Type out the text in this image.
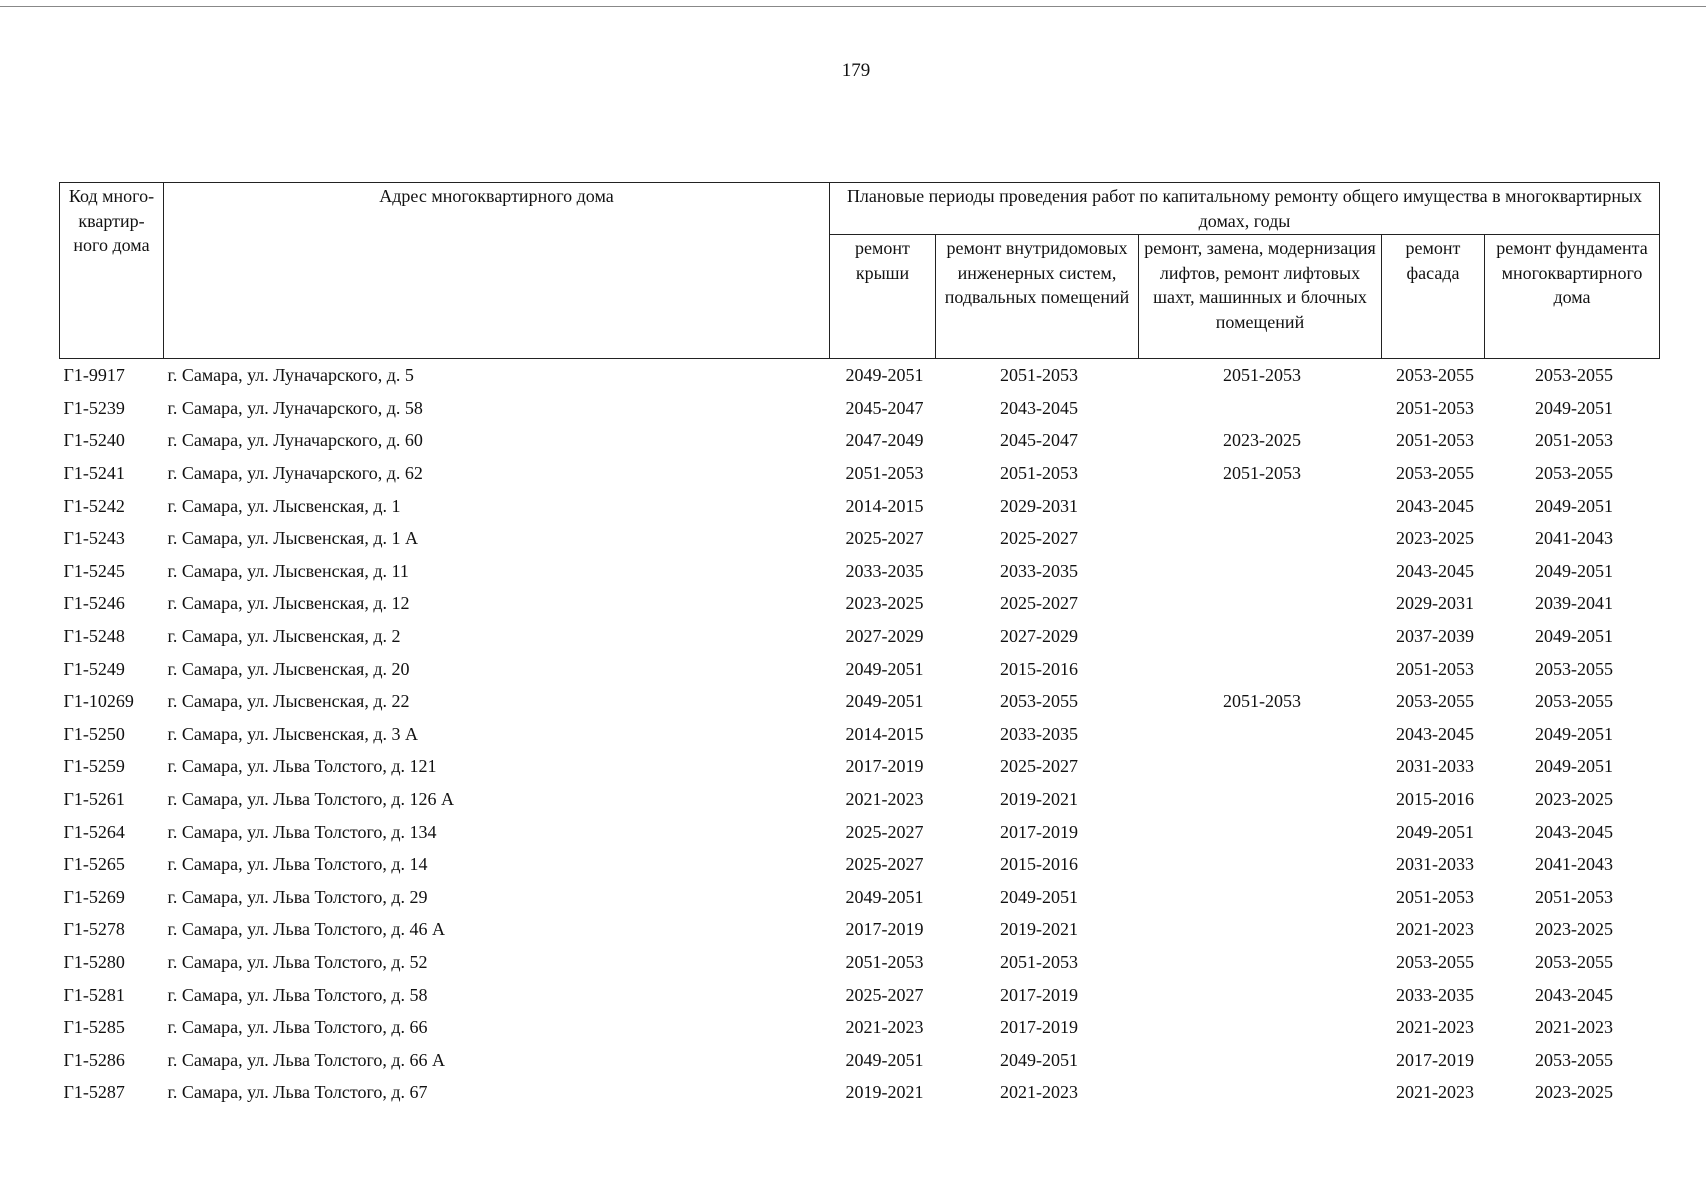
179
Код много-квартир-ного дома	Адрес многоквартирного дома	Плановые периоды проведения работ по капитальному ремонту общего имущества в многоквартирных домах, годы				
		ремонт крыши	ремонт внутридомовых инженерных систем, подвальных помещений	ремонт, замена, модернизация лифтов, ремонт лифтовых шахт, машинных и блочных помещений	ремонт фасада	ремонт фундамента многоквартирного дома
Г1-9917	г. Самара, ул. Луначарского, д. 5	2049-2051	2051-2053	2051-2053	2053-2055	2053-2055
Г1-5239	г. Самара, ул. Луначарского, д. 58	2045-2047	2043-2045		2051-2053	2049-2051
Г1-5240	г. Самара, ул. Луначарского, д. 60	2047-2049	2045-2047	2023-2025	2051-2053	2051-2053
Г1-5241	г. Самара, ул. Луначарского, д. 62	2051-2053	2051-2053	2051-2053	2053-2055	2053-2055
Г1-5242	г. Самара, ул. Лысвенская, д. 1	2014-2015	2029-2031		2043-2045	2049-2051
Г1-5243	г. Самара, ул. Лысвенская, д. 1 А	2025-2027	2025-2027		2023-2025	2041-2043
Г1-5245	г. Самара, ул. Лысвенская, д. 11	2033-2035	2033-2035		2043-2045	2049-2051
Г1-5246	г. Самара, ул. Лысвенская, д. 12	2023-2025	2025-2027		2029-2031	2039-2041
Г1-5248	г. Самара, ул. Лысвенская, д. 2	2027-2029	2027-2029		2037-2039	2049-2051
Г1-5249	г. Самара, ул. Лысвенская, д. 20	2049-2051	2015-2016		2051-2053	2053-2055
Г1-10269	г. Самара, ул. Лысвенская, д. 22	2049-2051	2053-2055	2051-2053	2053-2055	2053-2055
Г1-5250	г. Самара, ул. Лысвенская, д. 3 А	2014-2015	2033-2035		2043-2045	2049-2051
Г1-5259	г. Самара, ул. Льва Толстого, д. 121	2017-2019	2025-2027		2031-2033	2049-2051
Г1-5261	г. Самара, ул. Льва Толстого, д. 126 А	2021-2023	2019-2021		2015-2016	2023-2025
Г1-5264	г. Самара, ул. Льва Толстого, д. 134	2025-2027	2017-2019		2049-2051	2043-2045
Г1-5265	г. Самара, ул. Льва Толстого, д. 14	2025-2027	2015-2016		2031-2033	2041-2043
Г1-5269	г. Самара, ул. Льва Толстого, д. 29	2049-2051	2049-2051		2051-2053	2051-2053
Г1-5278	г. Самара, ул. Льва Толстого, д. 46 А	2017-2019	2019-2021		2021-2023	2023-2025
Г1-5280	г. Самара, ул. Льва Толстого, д. 52	2051-2053	2051-2053		2053-2055	2053-2055
Г1-5281	г. Самара, ул. Льва Толстого, д. 58	2025-2027	2017-2019		2033-2035	2043-2045
Г1-5285	г. Самара, ул. Льва Толстого, д. 66	2021-2023	2017-2019		2021-2023	2021-2023
Г1-5286	г. Самара, ул. Льва Толстого, д. 66 А	2049-2051	2049-2051		2017-2019	2053-2055
Г1-5287	г. Самара, ул. Льва Толстого, д. 67	2019-2021	2021-2023		2021-2023	2023-2025
